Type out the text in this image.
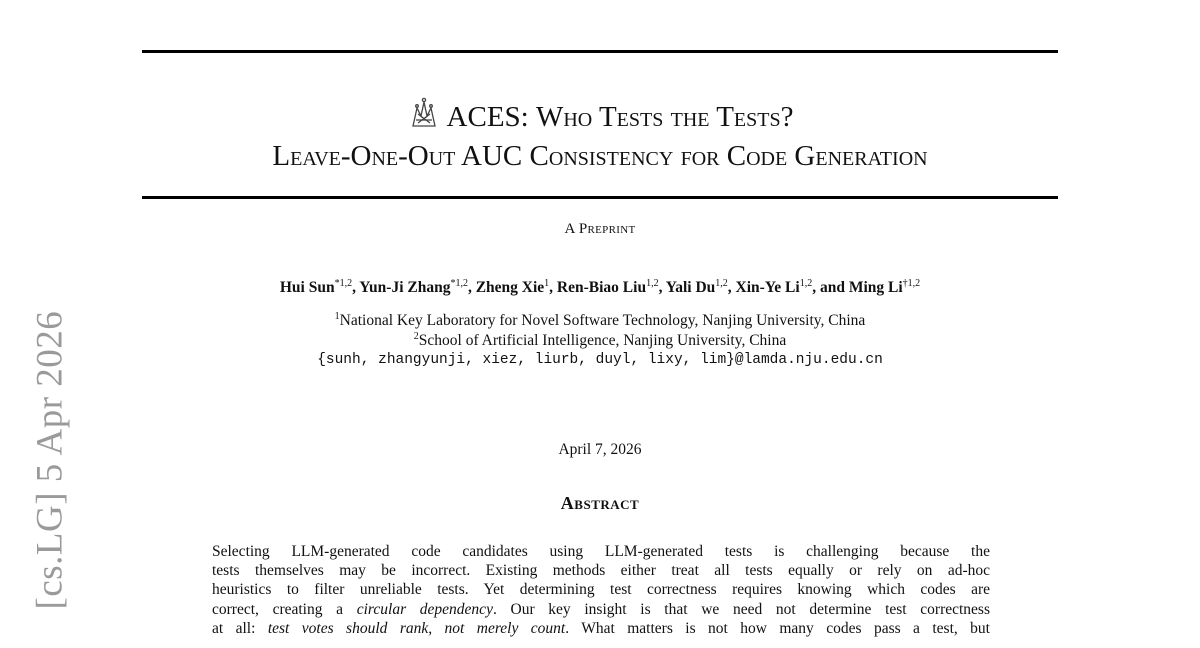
[cs.LG] 5 Apr 2026
ACES: Who Tests the Tests?
Leave-One-Out AUC Consistency for Code Generation
A Preprint
Hui Sun$^{*1,2}$, Yun-Ji Zhang$^{*1,2}$, Zheng Xie$^1$, Ren-Biao Liu$^{1,2}$, Yali Du$^{1,2}$, Xin-Ye Li$^{1,2}$, and Ming Li$^{\dagger 1,2}$
$^1$National Key Laboratory for Novel Software Technology, Nanjing University, China
$^2$School of Artificial Intelligence, Nanjing University, China
{sunh, zhangyunji, xiez, liurb, duyl, lixy, lim}@lamda.nju.edu.cn
April 7, 2026
Abstract
Selecting LLM-generated code candidates using LLM-generated tests is challenging because the
tests themselves may be incorrect. Existing methods either treat all tests equally or rely on ad-hoc
heuristics to filter unreliable tests. Yet determining test correctness requires knowing which codes are
correct, creating a circular dependency. Our key insight is that we need not determine test correctness
at all: test votes should rank, not merely count. What matters is not how many codes pass a test, but
